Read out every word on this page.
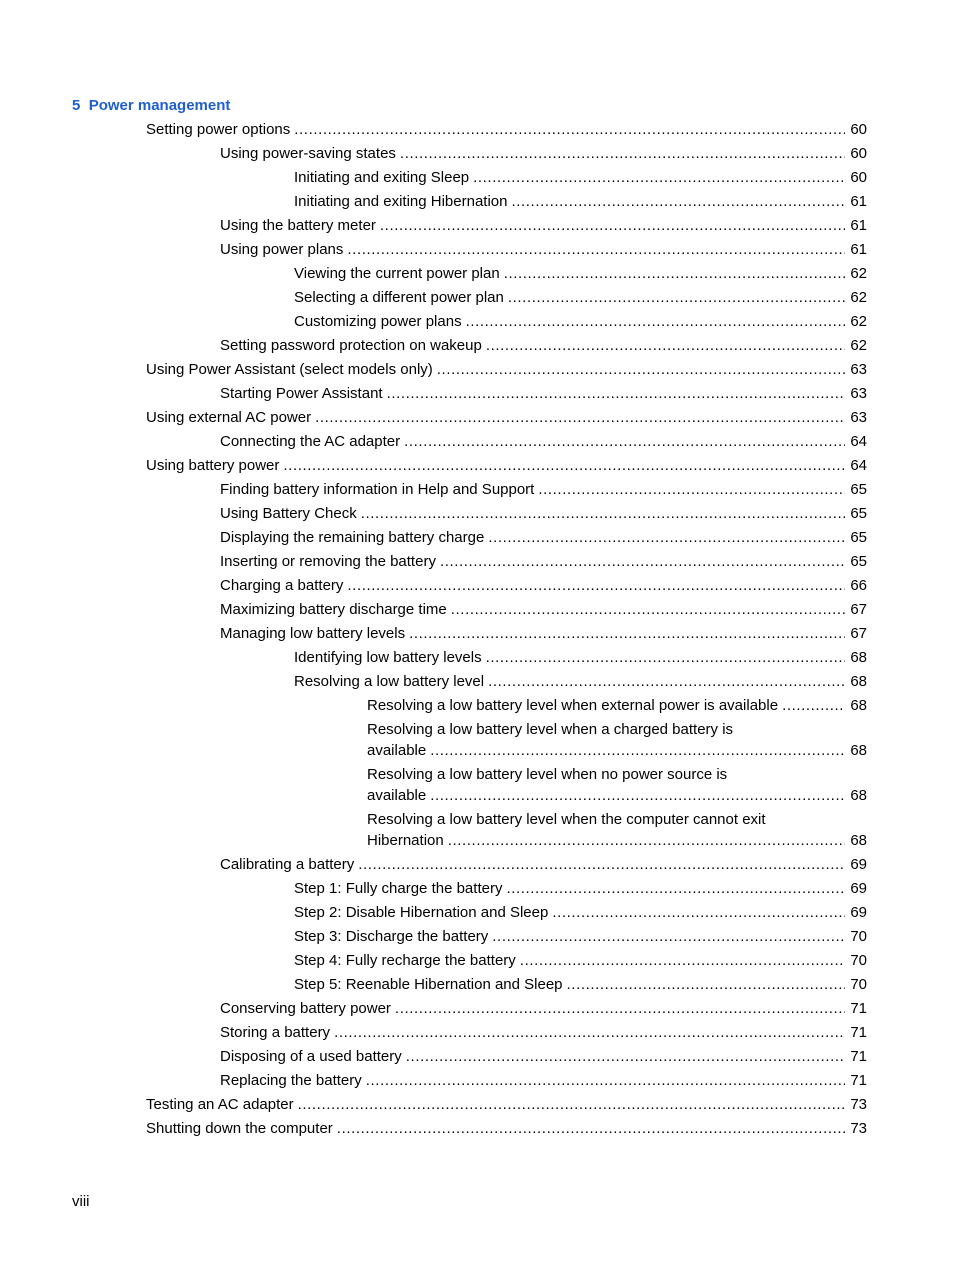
5 Power management
Setting power options .....	60
Using power-saving states .....	60
Initiating and exiting Sleep .....	60
Initiating and exiting Hibernation .....	61
Using the battery meter .....	61
Using power plans .....	61
Viewing the current power plan .....	62
Selecting a different power plan .....	62
Customizing power plans .....	62
Setting password protection on wakeup .....	62
Using Power Assistant (select models only) .....	63
Starting Power Assistant .....	63
Using external AC power .....	63
Connecting the AC adapter .....	64
Using battery power .....	64
Finding battery information in Help and Support .....	65
Using Battery Check .....	65
Displaying the remaining battery charge .....	65
Inserting or removing the battery .....	65
Charging a battery .....	66
Maximizing battery discharge time .....	67
Managing low battery levels .....	67
Identifying low battery levels .....	68
Resolving a low battery level .....	68
Resolving a low battery level when external power is available .....	68
Resolving a low battery level when a charged battery is
available .....	68
Resolving a low battery level when no power source is
available .....	68
Resolving a low battery level when the computer cannot exit
Hibernation .....	68
Calibrating a battery .....	69
Step 1: Fully charge the battery .....	69
Step 2: Disable Hibernation and Sleep .....	69
Step 3: Discharge the battery .....	70
Step 4: Fully recharge the battery .....	70
Step 5: Reenable Hibernation and Sleep .....	70
Conserving battery power .....	71
Storing a battery .....	71
Disposing of a used battery .....	71
Replacing the battery .....	71
Testing an AC adapter .....	73
Shutting down the computer .....	73
viii
